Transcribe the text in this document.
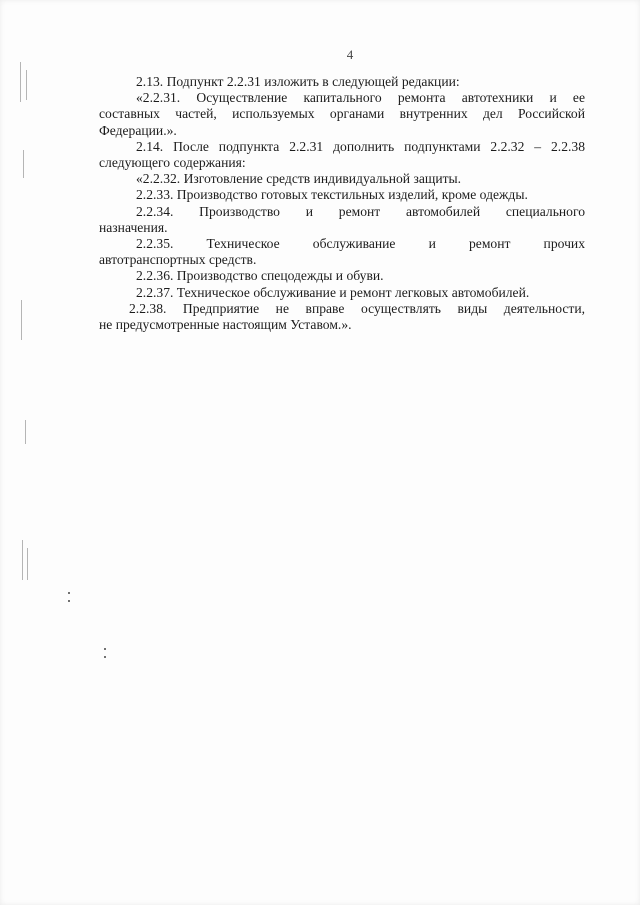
4
2.13. Подпункт 2.2.31 изложить в следующей редакции:
«2.2.31. Осуществление капитального ремонта автотехники и ее
составных частей, используемых органами внутренних дел Российской
Федерации.».
2.14. После подпункта 2.2.31 дополнить подпунктами 2.2.32 – 2.2.38
следующего содержания:
«2.2.32. Изготовление средств индивидуальной защиты.
2.2.33. Производство готовых текстильных изделий, кроме одежды.
2.2.34. Производство и ремонт автомобилей специального
назначения.
2.2.35. Техническое обслуживание и ремонт прочих
автотранспортных средств.
2.2.36. Производство спецодежды и обуви.
2.2.37. Техническое обслуживание и ремонт легковых автомобилей.
2.2.38. Предприятие не вправе осуществлять виды деятельности,
не предусмотренные настоящим Уставом.».
